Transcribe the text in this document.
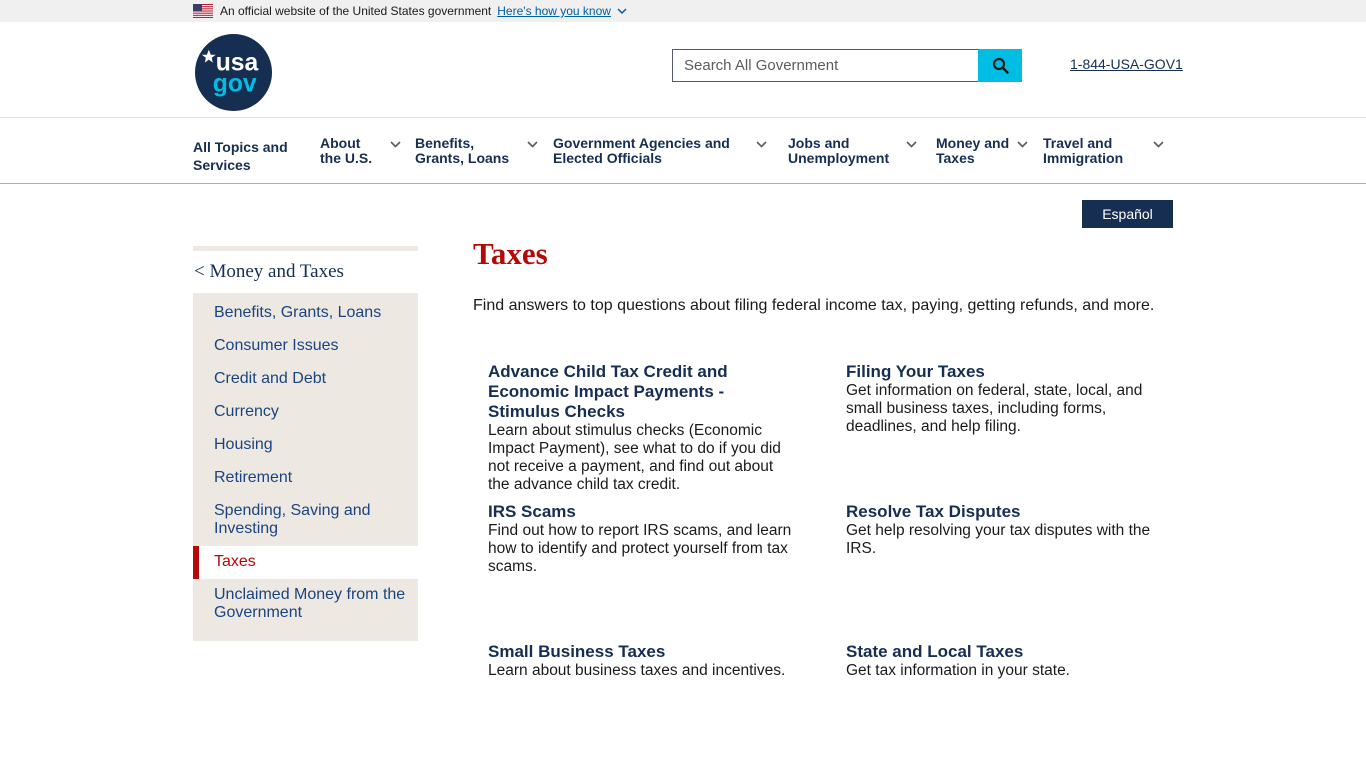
An official website of the United States government Here's how you know
usa
gov
Search All Government
1-844-USA-GOV1
All Topics and
Services
About
the U.S.
Benefits,
Grants, Loans
Government Agencies and
Elected Officials
Jobs and
Unemployment
Money and
Taxes
Travel and
Immigration
Español
< Money and Taxes
Benefits, Grants, Loans
Consumer Issues
Credit and Debt
Currency
Housing
Retirement
Spending, Saving and Investing
Taxes
Unclaimed Money from the Government
Taxes

Find answers to top questions about filing federal income tax, paying, getting refunds, and more.

Advance Child Tax Credit and Economic Impact Payments - Stimulus Checks

Learn about stimulus checks (Economic Impact Payment), see what to do if you did not receive a payment, and find out about the advance child tax credit.

Filing Your Taxes

Get information on federal, state, local, and small business taxes, including forms, deadlines, and help filing.

IRS Scams

Find out how to report IRS scams, and learn how to identify and protect yourself from tax scams.

Resolve Tax Disputes

Get help resolving your tax disputes with the IRS.

Small Business Taxes

Learn about business taxes and incentives.

State and Local Taxes

Get tax information in your state.
